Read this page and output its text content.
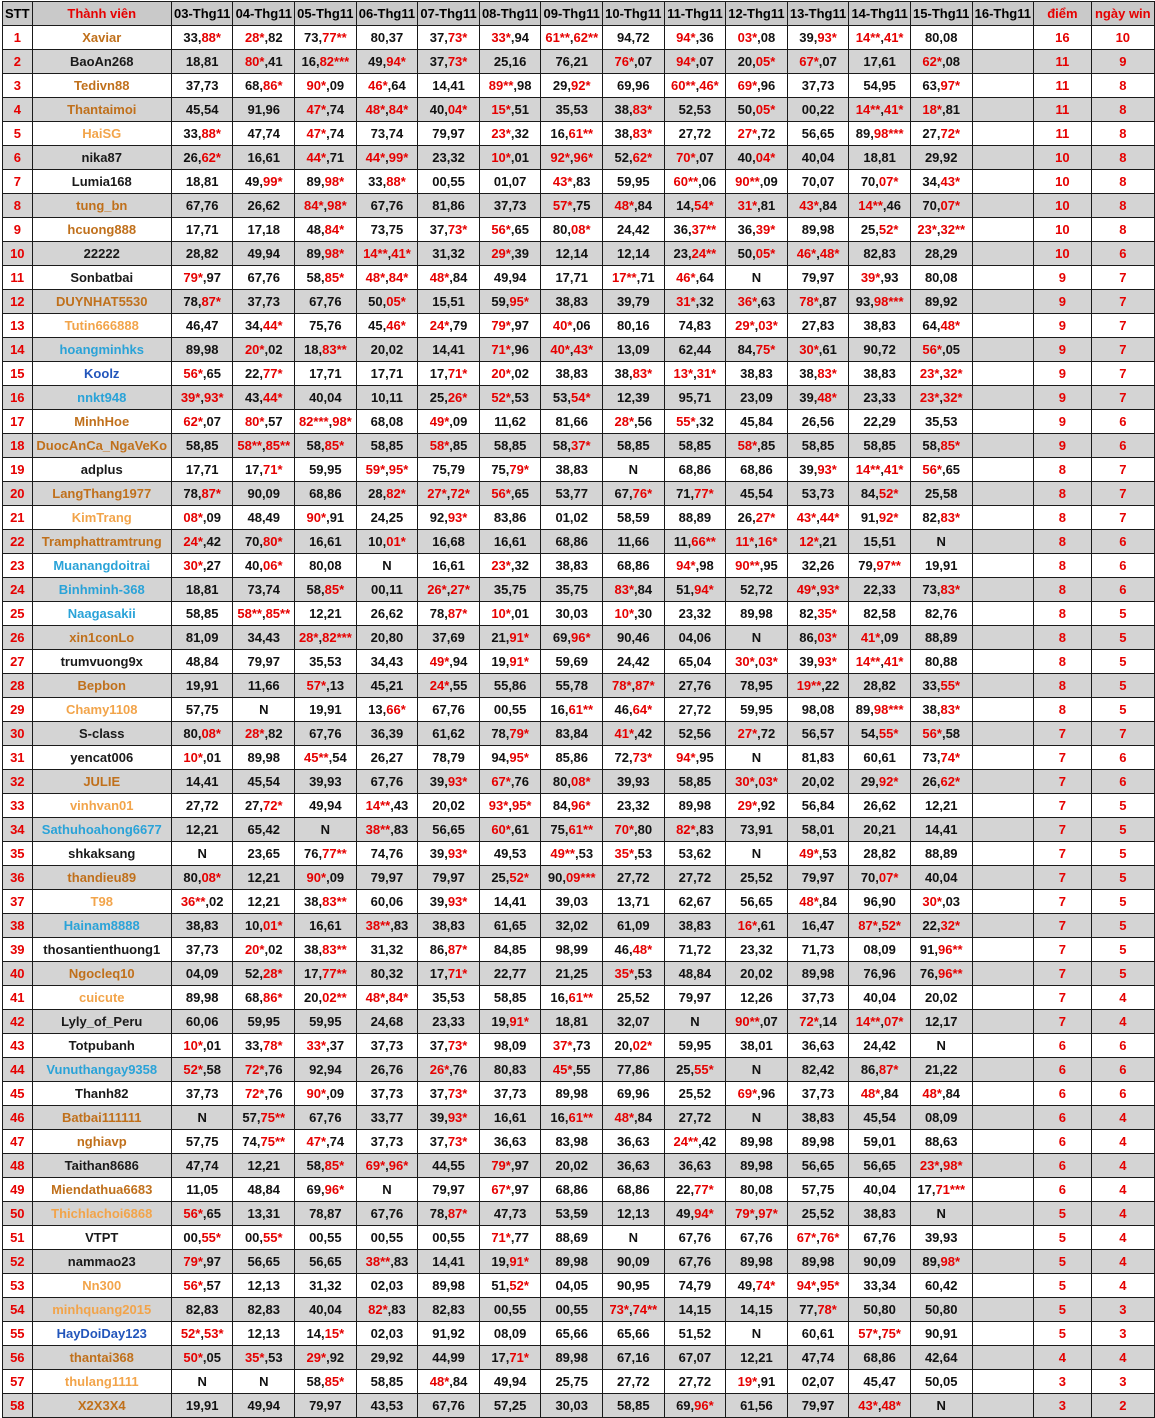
STT	Thành viên	03-Thg11	04-Thg11	05-Thg11	06-Thg11	07-Thg11	08-Thg11	09-Thg11	10-Thg11	11-Thg11	12-Thg11	13-Thg11	14-Thg11	15-Thg11	16-Thg11	điểm	ngày win
1	Xaviar	33,88*	28*,82	73,77**	80,37	37,73*	33*,94	61**,62**	94,72	94*,36	03*,08	39,93*	14**,41*	80,08		16	10
2	BaoAn268	18,81	80*,41	16,82***	49,94*	37,73*	25,16	76,21	76*,07	94*,07	20,05*	67*,07	17,61	62*,08		11	9
3	Tedivn88	37,73	68,86*	90*,09	46*,64	14,41	89**,98	29,92*	69,96	60**,46*	69*,96	37,73	54,95	63,97*		11	8
4	Thantaimoi	45,54	91,96	47*,74	48*,84*	40,04*	15*,51	35,53	38,83*	52,53	50,05*	00,22	14**,41*	18*,81		11	8
5	HaiSG	33,88*	47,74	47*,74	73,74	79,97	23*,32	16,61**	38,83*	27,72	27*,72	56,65	89,98***	27,72*		11	8
6	nika87	26,62*	16,61	44*,71	44*,99*	23,32	10*,01	92*,96*	52,62*	70*,07	40,04*	40,04	18,81	29,92		10	8
7	Lumia168	18,81	49,99*	89,98*	33,88*	00,55	01,07	43*,83	59,95	60**,06	90**,09	70,07	70,07*	34,43*		10	8
8	tung_bn	67,76	26,62	84*,98*	67,76	81,86	37,73	57*,75	48*,84	14,54*	31*,81	43*,84	14**,46	70,07*		10	8
9	hcuong888	17,71	17,18	48,84*	73,75	37,73*	56*,65	80,08*	24,42	36,37**	36,39*	89,98	25,52*	23*,32**		10	8
10	22222	28,82	49,94	89,98*	14**,41*	31,32	29*,39	12,14	12,14	23,24**	50,05*	46*,48*	82,83	28,29		10	6
11	Sonbatbai	79*,97	67,76	58,85*	48*,84*	48*,84	49,94	17,71	17**,71	46*,64	N	79,97	39*,93	80,08		9	7
12	DUYNHAT5530	78,87*	37,73	67,76	50,05*	15,51	59,95*	38,83	39,79	31*,32	36*,63	78*,87	93,98***	89,92		9	7
13	Tutin666888	46,47	34,44*	75,76	45,46*	24*,79	79*,97	40*,06	80,16	74,83	29*,03*	27,83	38,83	64,48*		9	7
14	hoangminhks	89,98	20*,02	18,83**	20,02	14,41	71*,96	40*,43*	13,09	62,44	84,75*	30*,61	90,72	56*,05		9	7
15	Koolz	56*,65	22,77*	17,71	17,71	17,71*	20*,02	38,83	38,83*	13*,31*	38,83	38,83*	38,83	23*,32*		9	7
16	nnkt948	39*,93*	43,44*	40,04	10,11	25,26*	52*,53	53,54*	12,39	95,71	23,09	39,48*	23,33	23*,32*		9	7
17	MinhHoe	62*,07	80*,57	82***,98*	68,08	49*,09	11,62	81,66	28*,56	55*,32	45,84	26,56	22,29	35,53		9	6
18	DuocAnCa_NgaVeKo	58,85	58**,85**	58,85*	58,85	58*,85	58,85	58,37*	58,85	58,85	58*,85	58,85	58,85	58,85*		9	6
19	adplus	17,71	17,71*	59,95	59*,95*	75,79	75,79*	38,83	N	68,86	68,86	39,93*	14**,41*	56*,65		8	7
20	LangThang1977	78,87*	90,09	68,86	28,82*	27*,72*	56*,65	53,77	67,76*	71,77*	45,54	53,73	84,52*	25,58		8	7
21	KimTrang	08*,09	48,49	90*,91	24,25	92,93*	83,86	01,02	58,59	88,89	26,27*	43*,44*	91,92*	82,83*		8	7
22	Tramphattramtrung	24*,42	70,80*	16,61	10,01*	16,68	16,61	68,86	11,66	11,66**	11*,16*	12*,21	15,51	N		8	6
23	Muanangdoitrai	30*,27	40,06*	80,08	N	16,61	23*,32	38,83	68,86	94*,98	90**,95	32,26	79,97**	19,91		8	6
24	Binhminh-368	18,81	73,74	58,85*	00,11	26*,27*	35,75	35,75	83*,84	51,94*	52,72	49*,93*	22,33	73,83*		8	6
25	Naagasakii	58,85	58**,85**	12,21	26,62	78,87*	10*,01	30,03	10*,30	23,32	89,98	82,35*	82,58	82,76		8	5
26	xin1conLo	81,09	34,43	28*,82***	20,80	37,69	21,91*	69,96*	90,46	04,06	N	86,03*	41*,09	88,89		8	5
27	trumvuong9x	48,84	79,97	35,53	34,43	49*,94	19,91*	59,69	24,42	65,04	30*,03*	39,93*	14**,41*	80,88		8	5
28	Bepbon	19,91	11,66	57*,13	45,21	24*,55	55,86	55,78	78*,87*	27,76	78,95	19**,22	28,82	33,55*		8	5
29	Chamy1108	57,75	N	19,91	13,66*	67,76	00,55	16,61**	46,64*	27,72	59,95	98,08	89,98***	38,83*		8	5
30	S-class	80,08*	28*,82	67,76	36,39	61,62	78,79*	83,84	41*,42	52,56	27*,72	56,57	54,55*	56*,58		7	7
31	yencat006	10*,01	89,98	45**,54	26,27	78,79	94,95*	85,86	72,73*	94*,95	N	81,83	60,61	73,74*		7	6
32	JULIE	14,41	45,54	39,93	67,76	39,93*	67*,76	80,08*	39,93	58,85	30*,03*	20,02	29,92*	26,62*		7	6
33	vinhvan01	27,72	27,72*	49,94	14**,43	20,02	93*,95*	84,96*	23,32	89,98	29*,92	56,84	26,62	12,21		7	5
34	Sathuhoahong6677	12,21	65,42	N	38**,83	56,65	60*,61	75,61**	70*,80	82*,83	73,91	58,01	20,21	14,41		7	5
35	shkaksang	N	23,65	76,77**	74,76	39,93*	49,53	49**,53	35*,53	53,62	N	49*,53	28,82	88,89		7	5
36	thandieu89	80,08*	12,21	90*,09	79,97	79,97	25,52*	90,09***	27,72	27,72	25,52	79,97	70,07*	40,04		7	5
37	T98	36**,02	12,21	38,83**	60,06	39,93*	14,41	39,03	13,71	62,67	56,65	48*,84	96,90	30*,03		7	5
38	Hainam8888	38,83	10,01*	16,61	38**,83	38,83	61,65	32,02	61,09	38,83	16*,61	16,47	87*,52*	22,32*		7	5
39	thosantienthuong1	37,73	20*,02	38,83**	31,32	86,87*	84,85	98,99	46,48*	71,72	23,32	71,73	08,09	91,96**		7	5
40	Ngocleq10	04,09	52,28*	17,77**	80,32	17,71*	22,77	21,25	35*,53	48,84	20,02	89,98	76,96	76,96**		7	5
41	cuicute	89,98	68,86*	20,02**	48*,84*	35,53	58,85	16,61**	25,52	79,97	12,26	37,73	40,04	20,02		7	4
42	Lyly_of_Peru	60,06	59,95	59,95	24,68	23,33	19,91*	18,81	32,07	N	90**,07	72*,14	14**,07*	12,17		7	4
43	Totpubanh	10*,01	33,78*	33*,37	37,73	37,73*	98,09	37*,73	20,02*	59,95	38,01	36,63	24,42	N		6	6
44	Vunuthangay9358	52*,58	72*,76	92,94	26,76	26*,76	80,83	45*,55	77,86	25,55*	N	82,42	86,87*	21,22		6	6
45	Thanh82	37,73	72*,76	90*,09	37,73	37,73*	37,73	89,98	69,96	25,52	69*,96	37,73	48*,84	48*,84		6	6
46	Batbai111111	N	57,75**	67,76	33,77	39,93*	16,61	16,61**	48*,84	27,72	N	38,83	45,54	08,09		6	4
47	nghiavp	57,75	74,75**	47*,74	37,73	37,73*	36,63	83,98	36,63	24**,42	89,98	89,98	59,01	88,63		6	4
48	Taithan8686	47,74	12,21	58,85*	69*,96*	44,55	79*,97	20,02	36,63	36,63	89,98	56,65	56,65	23*,98*		6	4
49	Miendathua6683	11,05	48,84	69,96*	N	79,97	67*,97	68,86	68,86	22,77*	80,08	57,75	40,04	17,71***		6	4
50	Thichlachoi6868	56*,65	13,31	78,87	67,76	78,87*	47,73	53,59	12,13	49,94*	79*,97*	25,52	38,83	N		5	4
51	VTPT	00,55*	00,55*	00,55	00,55	00,55	71*,77	88,69	N	67,76	67,76	67*,76*	67,76	39,93		5	4
52	nammao23	79*,97	56,65	56,65	38**,83	14,41	19,91*	89,98	90,09	67,76	89,98	89,98	90,09	89,98*		5	4
53	Nn300	56*,57	12,13	31,32	02,03	89,98	51,52*	04,05	90,95	74,79	49,74*	94*,95*	33,34	60,42		5	4
54	minhquang2015	82,83	82,83	40,04	82*,83	82,83	00,55	00,55	73*,74**	14,15	14,15	77,78*	50,80	50,80		5	3
55	HayDoiDay123	52*,53*	12,13	14,15*	02,03	91,92	08,09	65,66	65,66	51,52	N	60,61	57*,75*	90,91		5	3
56	thantai368	50*,05	35*,53	29*,92	29,92	44,99	17,71*	89,98	67,16	67,07	12,21	47,74	68,86	42,64		4	4
57	thulang1111	N	N	58,85*	58,85	48*,84	49,94	25,75	27,72	27,72	19*,91	02,07	45,47	50,05		3	3
58	X2X3X4	19,91	49,94	79,97	43,53	67,76	57,25	30,03	58,85	69,96*	61,56	79,97	43*,48*	N		3	2
